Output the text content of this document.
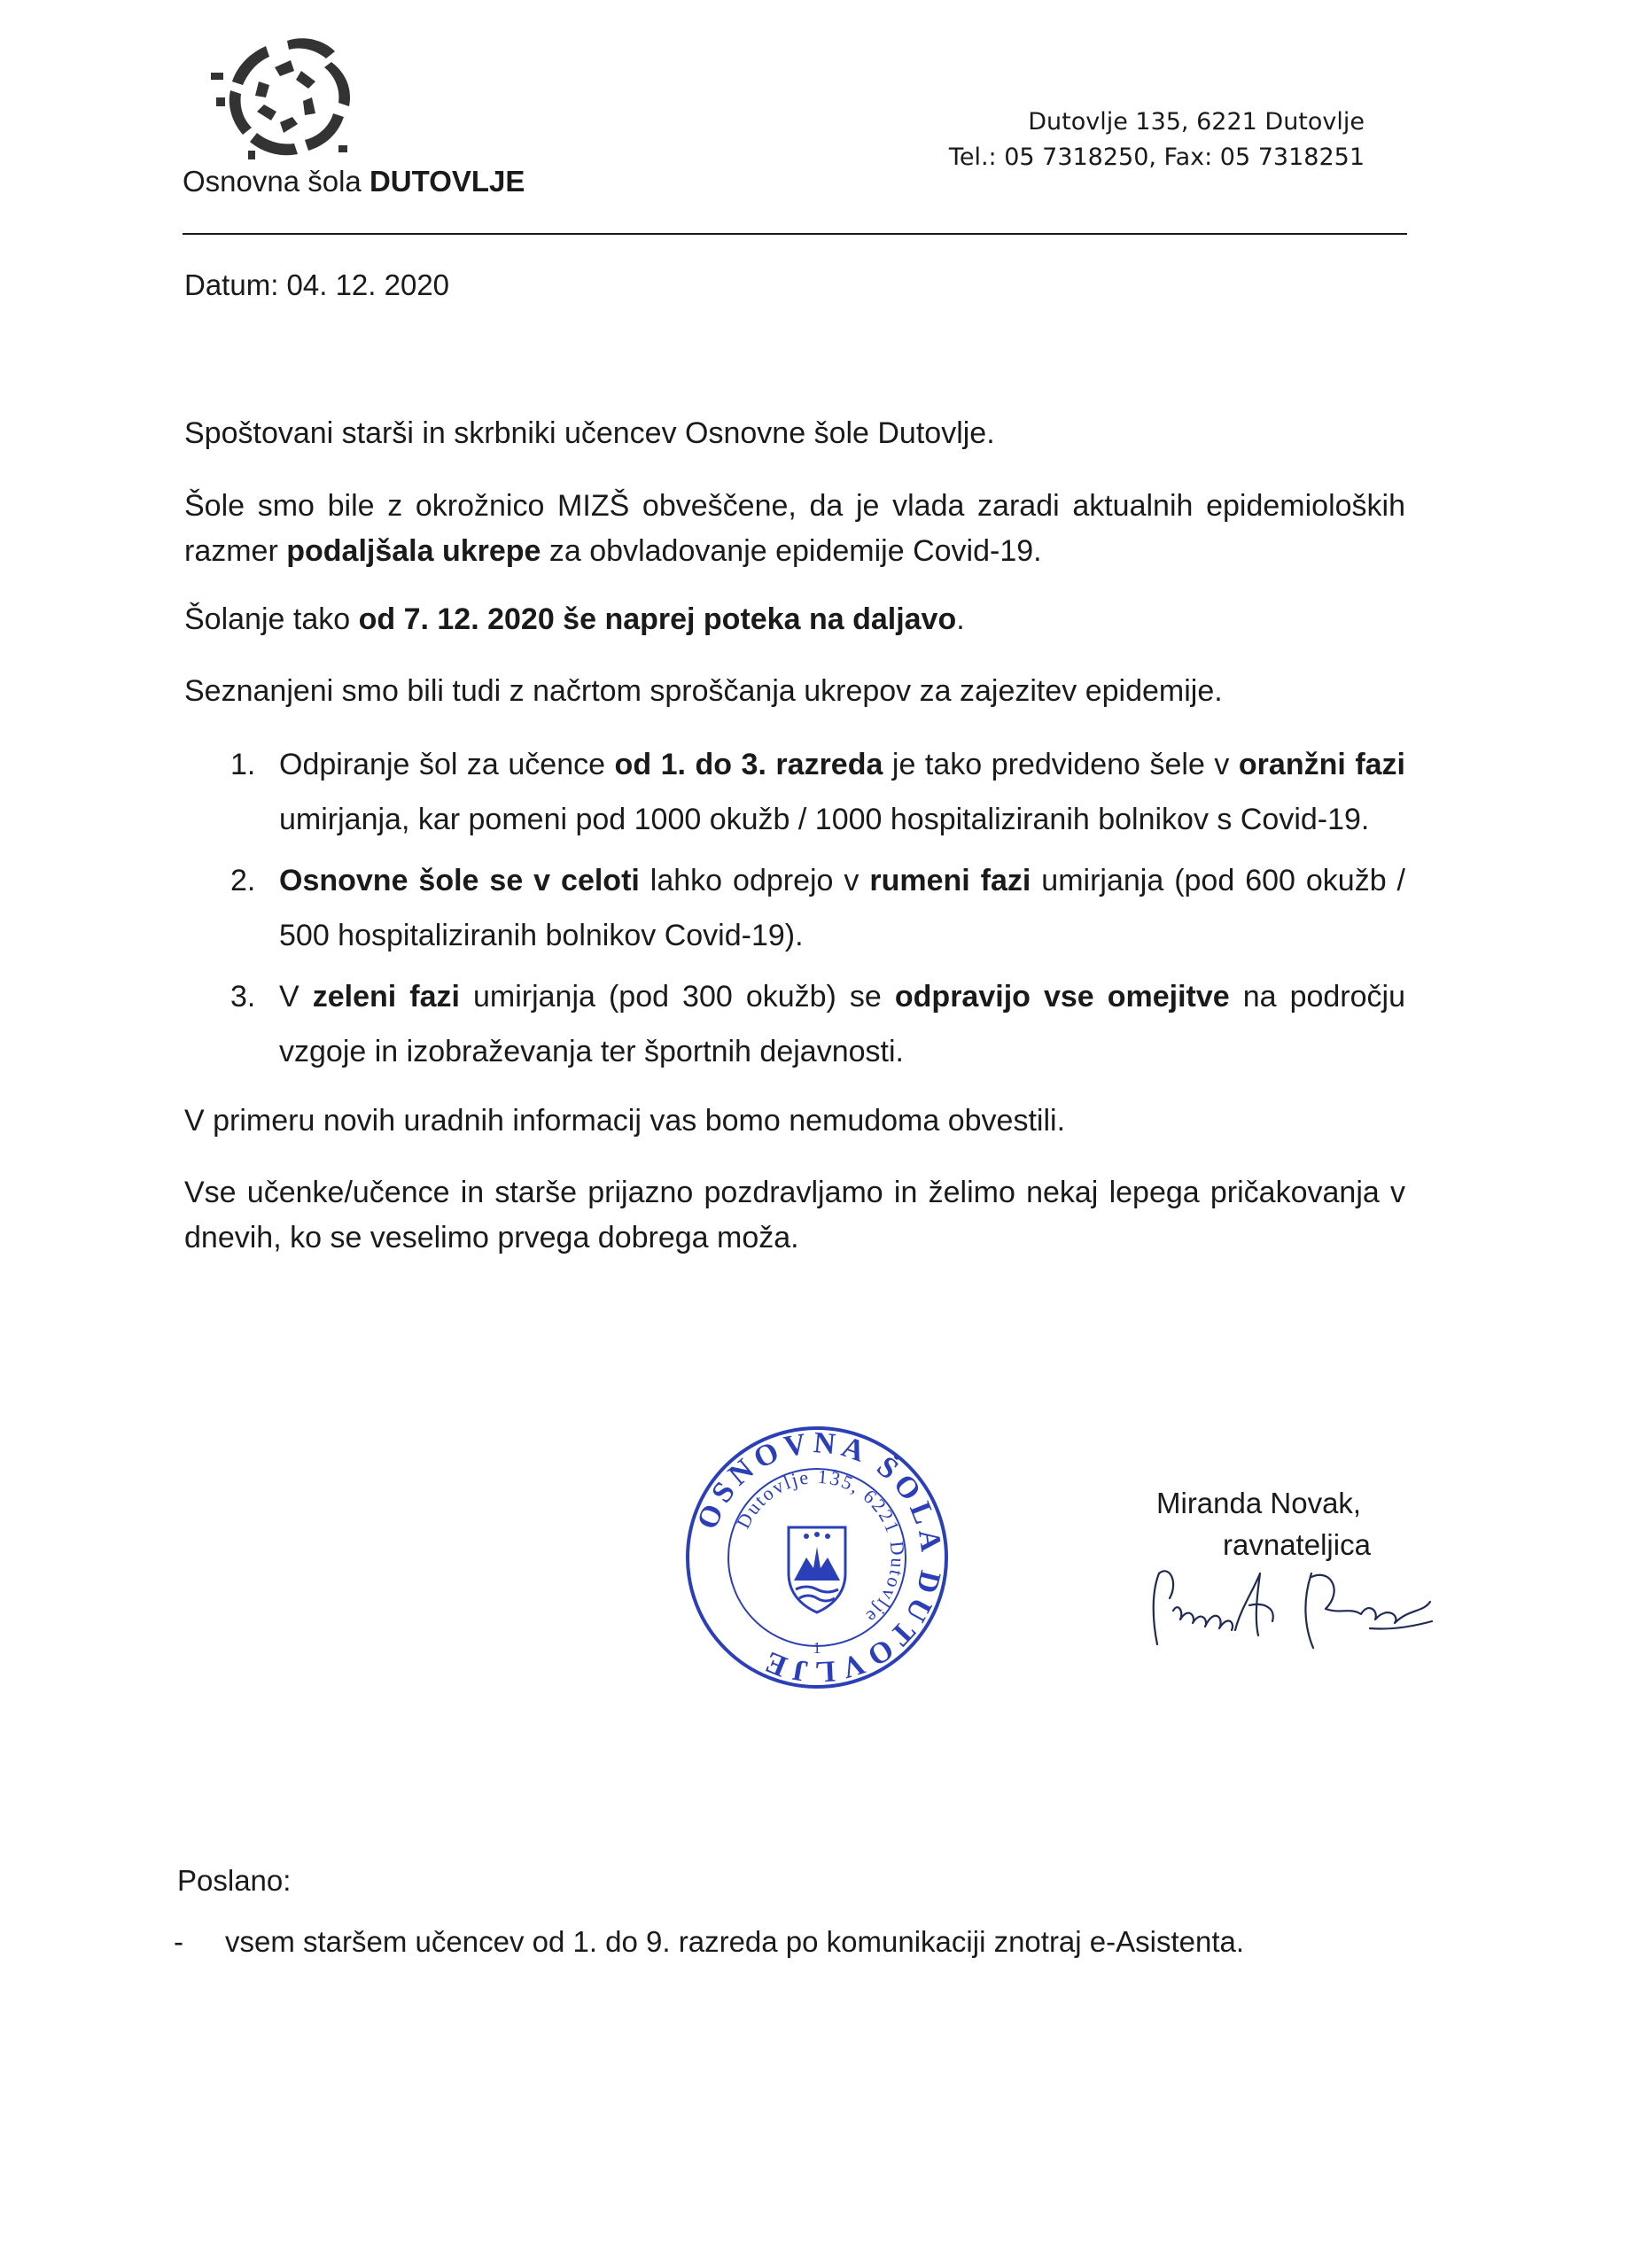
Osnovna šola DUTOVLJE
Dutovlje 135, 6221 Dutovlje
Tel.: 05 7318250, Fax: 05 7318251
Datum: 04. 12. 2020

Spoštovani starši in skrbniki učencev Osnovne šole Dutovlje.

Šole smo bile z okrožnico MIZŠ obveščene, da je vlada zaradi aktualnih epidemioloških razmer podaljšala ukrepe za obvladovanje epidemije Covid-19.

Šolanje tako od 7. 12. 2020 še naprej poteka na daljavo.

Seznanjeni smo bili tudi z načrtom sproščanja ukrepov za zajezitev epidemije.

1. Odpiranje šol za učence od 1. do 3. razreda je tako predvideno šele v oranžni fazi umirjanja, kar pomeni pod 1000 okužb / 1000 hospitaliziranih bolnikov s Covid-19.
2. Osnovne šole se v celoti lahko odprejo v rumeni fazi umirjanja (pod 600 okužb / 500 hospitaliziranih bolnikov Covid-19).
3. V zeleni fazi umirjanja (pod 300 okužb) se odpravijo vse omejitve na področju vzgoje in izobraževanja ter športnih dejavnosti.

V primeru novih uradnih informacij vas bomo nemudoma obvestili.

Vse učenke/učence in starše prijazno pozdravljamo in želimo nekaj lepega pričakovanja v dnevih, ko se veselimo prvega dobrega moža.

OSNOVNA ŠOLA DUTOVLJE
Dutovlje 135, 6221 Dutovlje
1
Miranda Novak,
ravnateljica
Poslano:
- vsem staršem učencev od 1. do 9. razreda po komunikaciji znotraj e-Asistenta.
